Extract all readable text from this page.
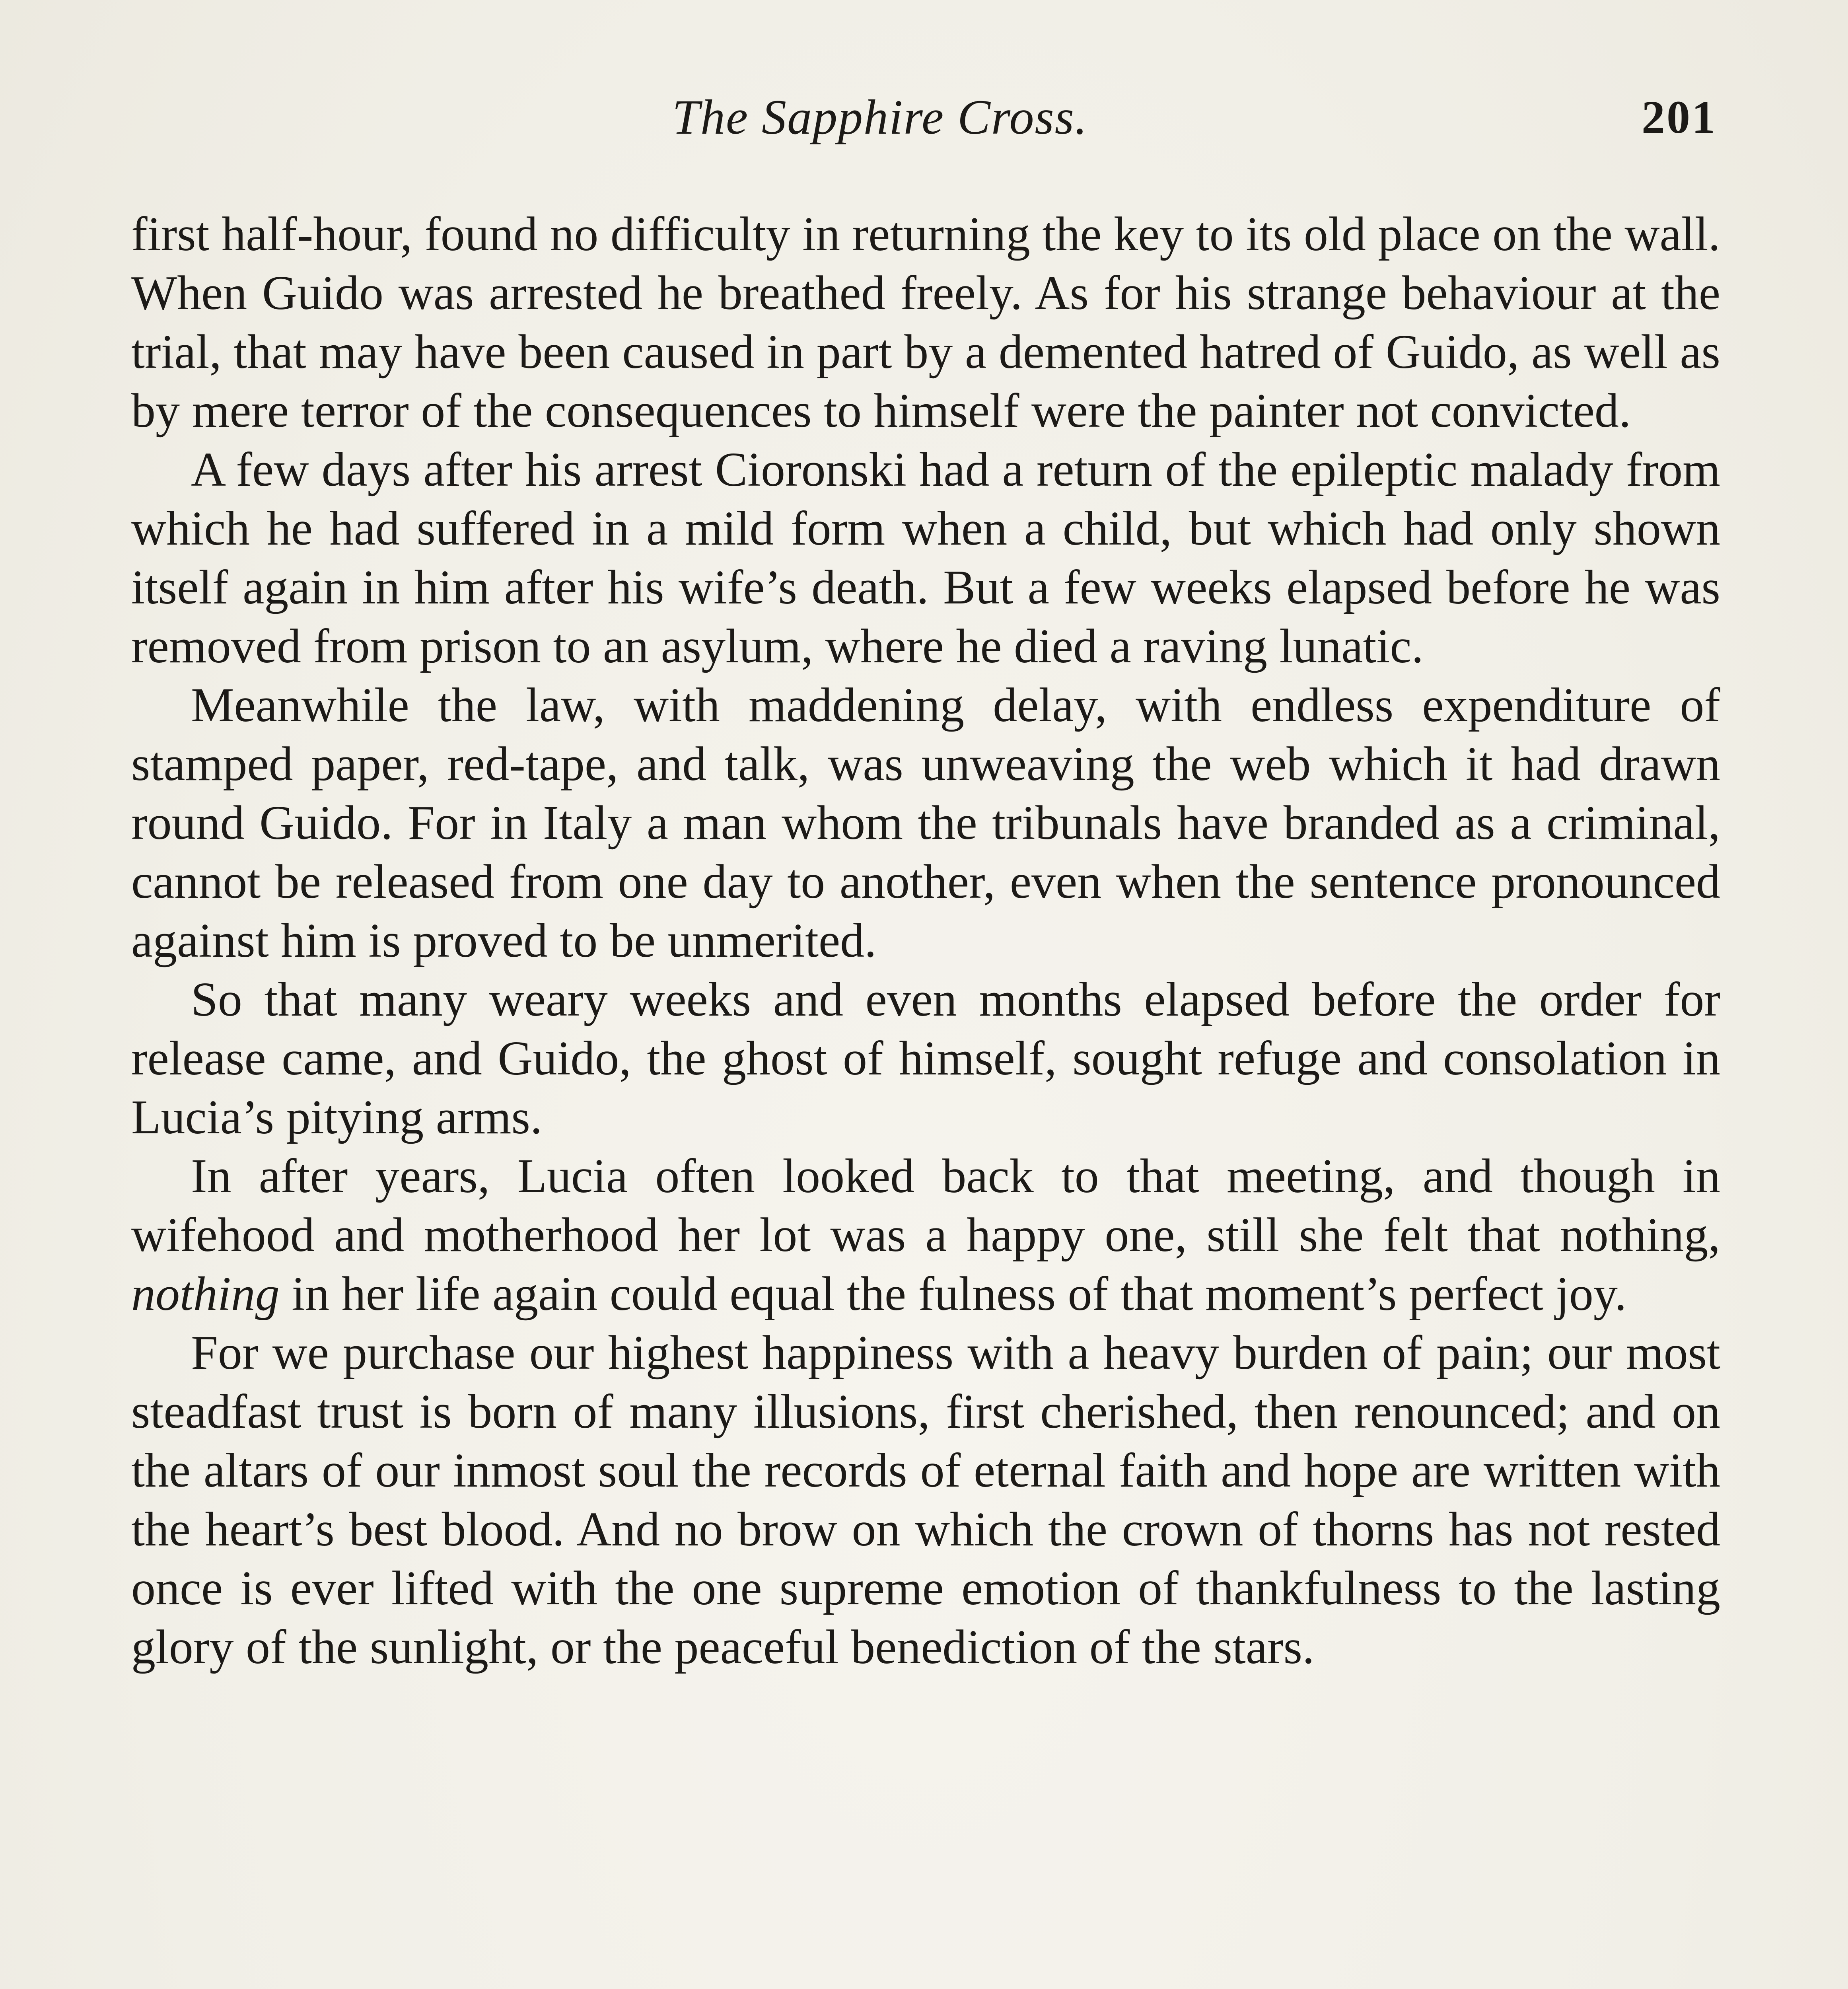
The Sapphire Cross.	201

first half-hour, found no difficulty in returning the key to its old place on the wall. When Guido was arrested he breathed freely. As for his strange behaviour at the trial, that may have been caused in part by a demented hatred of Guido, as well as by mere terror of the consequences to himself were the painter not convicted.

A few days after his arrest Cioronski had a return of the epileptic malady from which he had suffered in a mild form when a child, but which had only shown itself again in him after his wife’s death. But a few weeks elapsed before he was removed from prison to an asylum, where he died a raving lunatic.

Meanwhile the law, with maddening delay, with endless expenditure of stamped paper, red-tape, and talk, was unweaving the web which it had drawn round Guido. For in Italy a man whom the tribunals have branded as a criminal, cannot be released from one day to another, even when the sentence pronounced against him is proved to be unmerited.

So that many weary weeks and even months elapsed before the order for release came, and Guido, the ghost of himself, sought refuge and consolation in Lucia’s pitying arms.

In after years, Lucia often looked back to that meeting, and though in wifehood and motherhood her lot was a happy one, still she felt that nothing, nothing in her life again could equal the fulness of that moment’s perfect joy.

For we purchase our highest happiness with a heavy burden of pain; our most steadfast trust is born of many illusions, first cherished, then renounced; and on the altars of our inmost soul the records of eternal faith and hope are written with the heart’s best blood. And no brow on which the crown of thorns has not rested once is ever lifted with the one supreme emotion of thankfulness to the lasting glory of the sunlight, or the peaceful benediction of the stars.
